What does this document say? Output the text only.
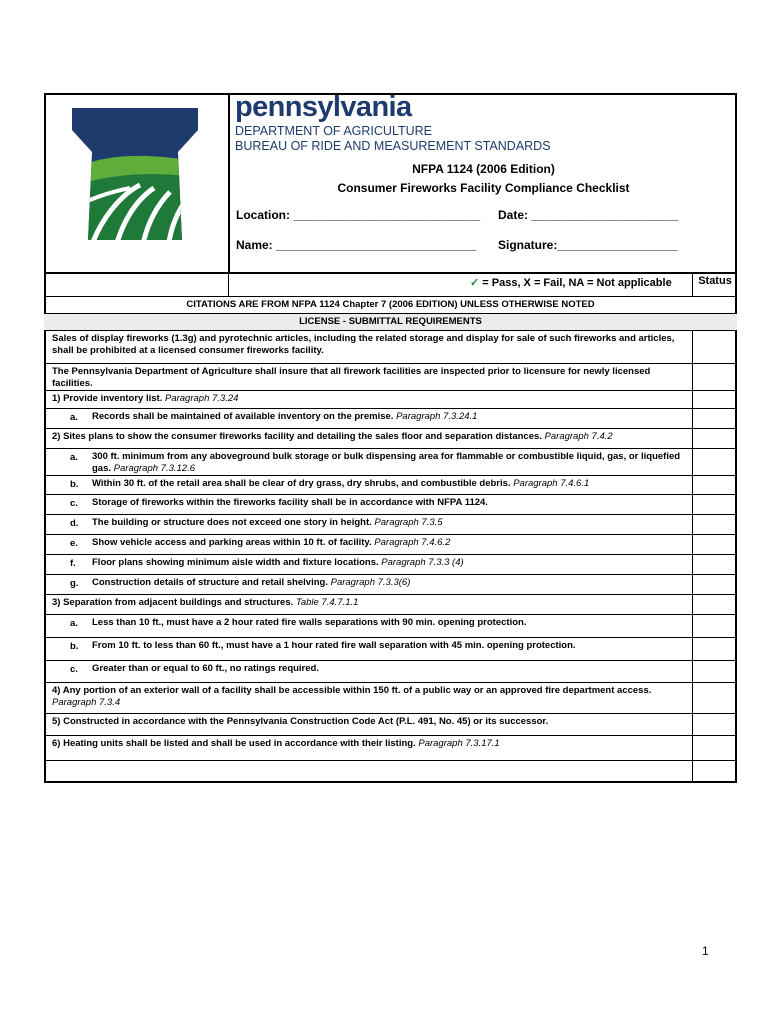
pennsylvania
DEPARTMENT OF AGRICULTURE
BUREAU OF RIDE AND MEASUREMENT STANDARDS
NFPA 1124 (2006 Edition)
Consumer Fireworks Facility Compliance Checklist
Location: ____________________________ Date: ______________________
Name: ______________________________ Signature:__________________
✓ = Pass, X = Fail, NA = Not applicable	Status
CITATIONS ARE FROM NFPA 1124 Chapter 7 (2006 EDITION) UNLESS OTHERWISE NOTED
LICENSE - SUBMITTAL REQUIREMENTS
Sales of display fireworks (1.3g) and pyrotechnic articles, including the related storage and display for sale of such fireworks and articles, shall be prohibited at a licensed consumer fireworks facility.
The Pennsylvania Department of Agriculture shall insure that all firework facilities are inspected prior to licensure for newly licensed facilities.
1) Provide inventory list. Paragraph 7.3.24
a. Records shall be maintained of available inventory on the premise. Paragraph 7.3.24.1
2) Sites plans to show the consumer fireworks facility and detailing the sales floor and separation distances. Paragraph 7.4.2
a. 300 ft. minimum from any aboveground bulk storage or bulk dispensing area for flammable or combustible liquid, gas, or liquefied gas. Paragraph 7.3.12.6
b. Within 30 ft. of the retail area shall be clear of dry grass, dry shrubs, and combustible debris. Paragraph 7.4.6.1
c. Storage of fireworks within the fireworks facility shall be in accordance with NFPA 1124.
d. The building or structure does not exceed one story in height. Paragraph 7.3.5
e. Show vehicle access and parking areas within 10 ft. of facility. Paragraph 7.4.6.2
f. Floor plans showing minimum aisle width and fixture locations. Paragraph 7.3.3 (4)
g. Construction details of structure and retail shelving. Paragraph 7.3.3(6)
3) Separation from adjacent buildings and structures. Table 7.4.7.1.1
a. Less than 10 ft., must have a 2 hour rated fire walls separations with 90 min. opening protection.
b. From 10 ft. to less than 60 ft., must have a 1 hour rated fire wall separation with 45 min. opening protection.
c. Greater than or equal to 60 ft., no ratings required.
4) Any portion of an exterior wall of a facility shall be accessible within 150 ft. of a public way or an approved fire department access. Paragraph 7.3.4
5) Constructed in accordance with the Pennsylvania Construction Code Act (P.L. 491, No. 45) or its successor.
6) Heating units shall be listed and shall be used in accordance with their listing. Paragraph 7.3.17.1
1
